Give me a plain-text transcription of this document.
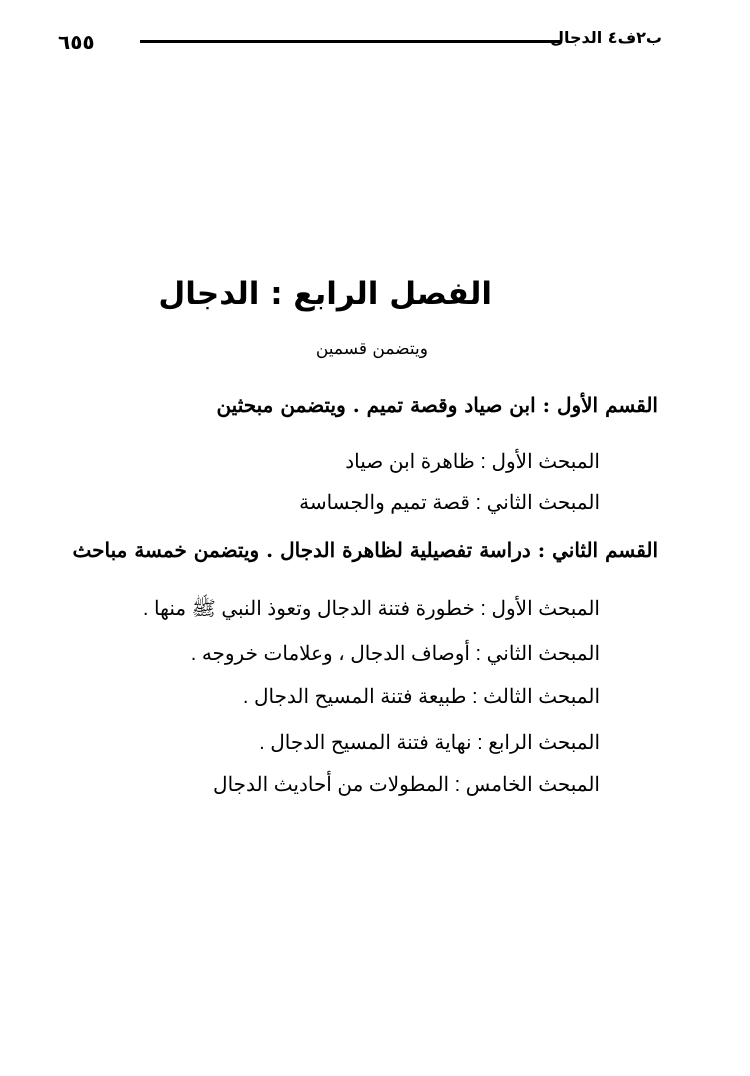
٦٥٥	ب٢ف٤ الدجال
الفصل الرابع : الدجال
ويتضمن قسمين
القسم الأول : ابن صياد وقصة تميم . ويتضمن مبحثين
المبحث الأول : ظاهرة ابن صياد
المبحث الثاني : قصة تميم والجساسة
القسم الثاني : دراسة تفصيلية لظاهرة الدجال . ويتضمن خمسة مباحث
المبحث الأول : خطورة فتنة الدجال وتعوذ النبي ﷺ منها .
المبحث الثاني : أوصاف الدجال ، وعلامات خروجه .
المبحث الثالث : طبيعة فتنة المسيح الدجال .
المبحث الرابع : نهاية فتنة المسيح الدجال .
المبحث الخامس : المطولات من أحاديث الدجال
